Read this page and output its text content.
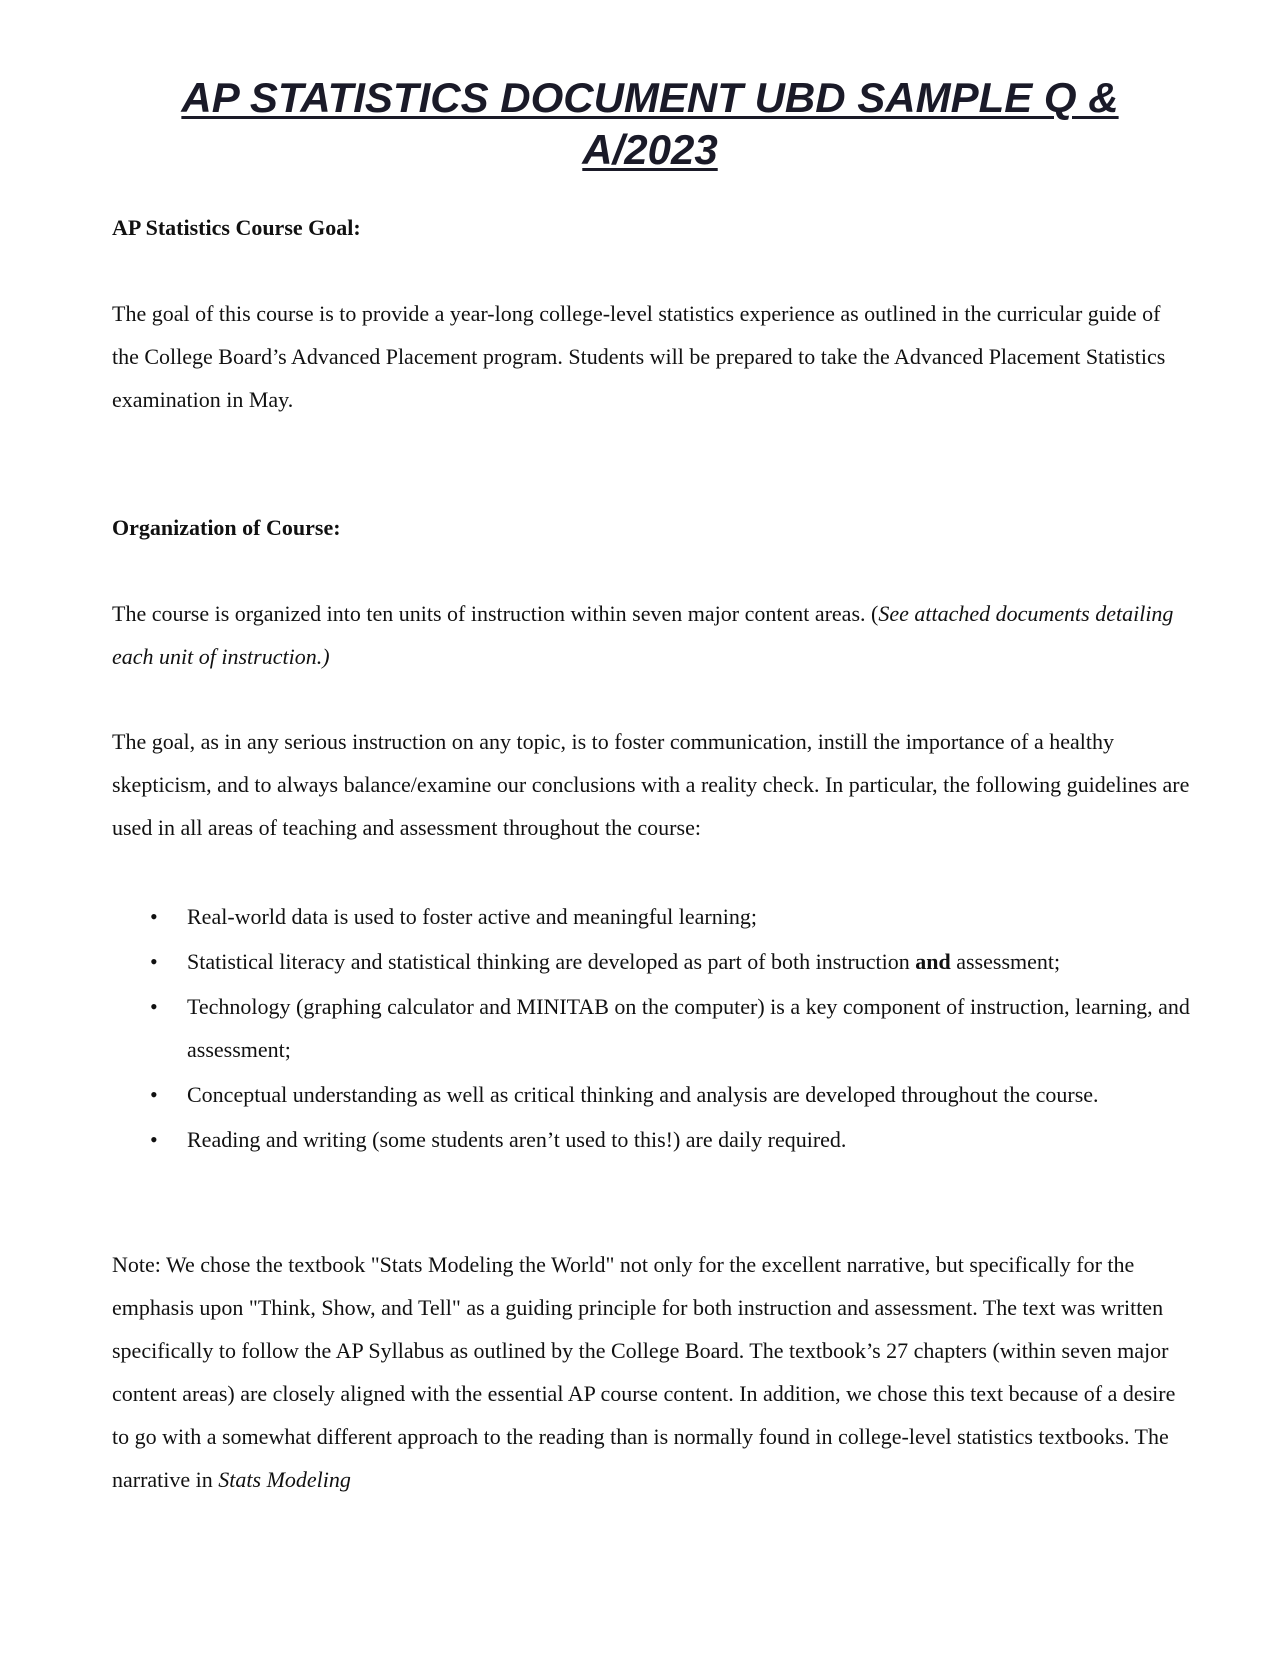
AP STATISTICS DOCUMENT UBD SAMPLE Q & A/2023
AP Statistics Course Goal:
The goal of this course is to provide a year-long college-level statistics experience as outlined in the curricular guide of the College Board’s Advanced Placement program. Students will be prepared to take the Advanced Placement Statistics examination in May.
Organization of Course:
The course is organized into ten units of instruction within seven major content areas. (See attached documents detailing each unit of instruction.)
The goal, as in any serious instruction on any topic, is to foster communication, instill the importance of a healthy skepticism, and to always balance/examine our conclusions with a reality check. In particular, the following guidelines are used in all areas of teaching and assessment throughout the course:
• Real-world data is used to foster active and meaningful learning;
• Statistical literacy and statistical thinking are developed as part of both instruction and assessment;
• Technology (graphing calculator and MINITAB on the computer) is a key component of instruction, learning, and assessment;
• Conceptual understanding as well as critical thinking and analysis are developed throughout the course.
• Reading and writing (some students aren’t used to this!) are daily required.
Note: We chose the textbook "Stats Modeling the World" not only for the excellent narrative, but specifically for the emphasis upon "Think, Show, and Tell" as a guiding principle for both instruction and assessment. The text was written specifically to follow the AP Syllabus as outlined by the College Board. The textbook’s 27 chapters (within seven major content areas) are closely aligned with the essential AP course content. In addition, we chose this text because of a desire to go with a somewhat different approach to the reading than is normally found in college-level statistics textbooks. The narrative in Stats Modeling
